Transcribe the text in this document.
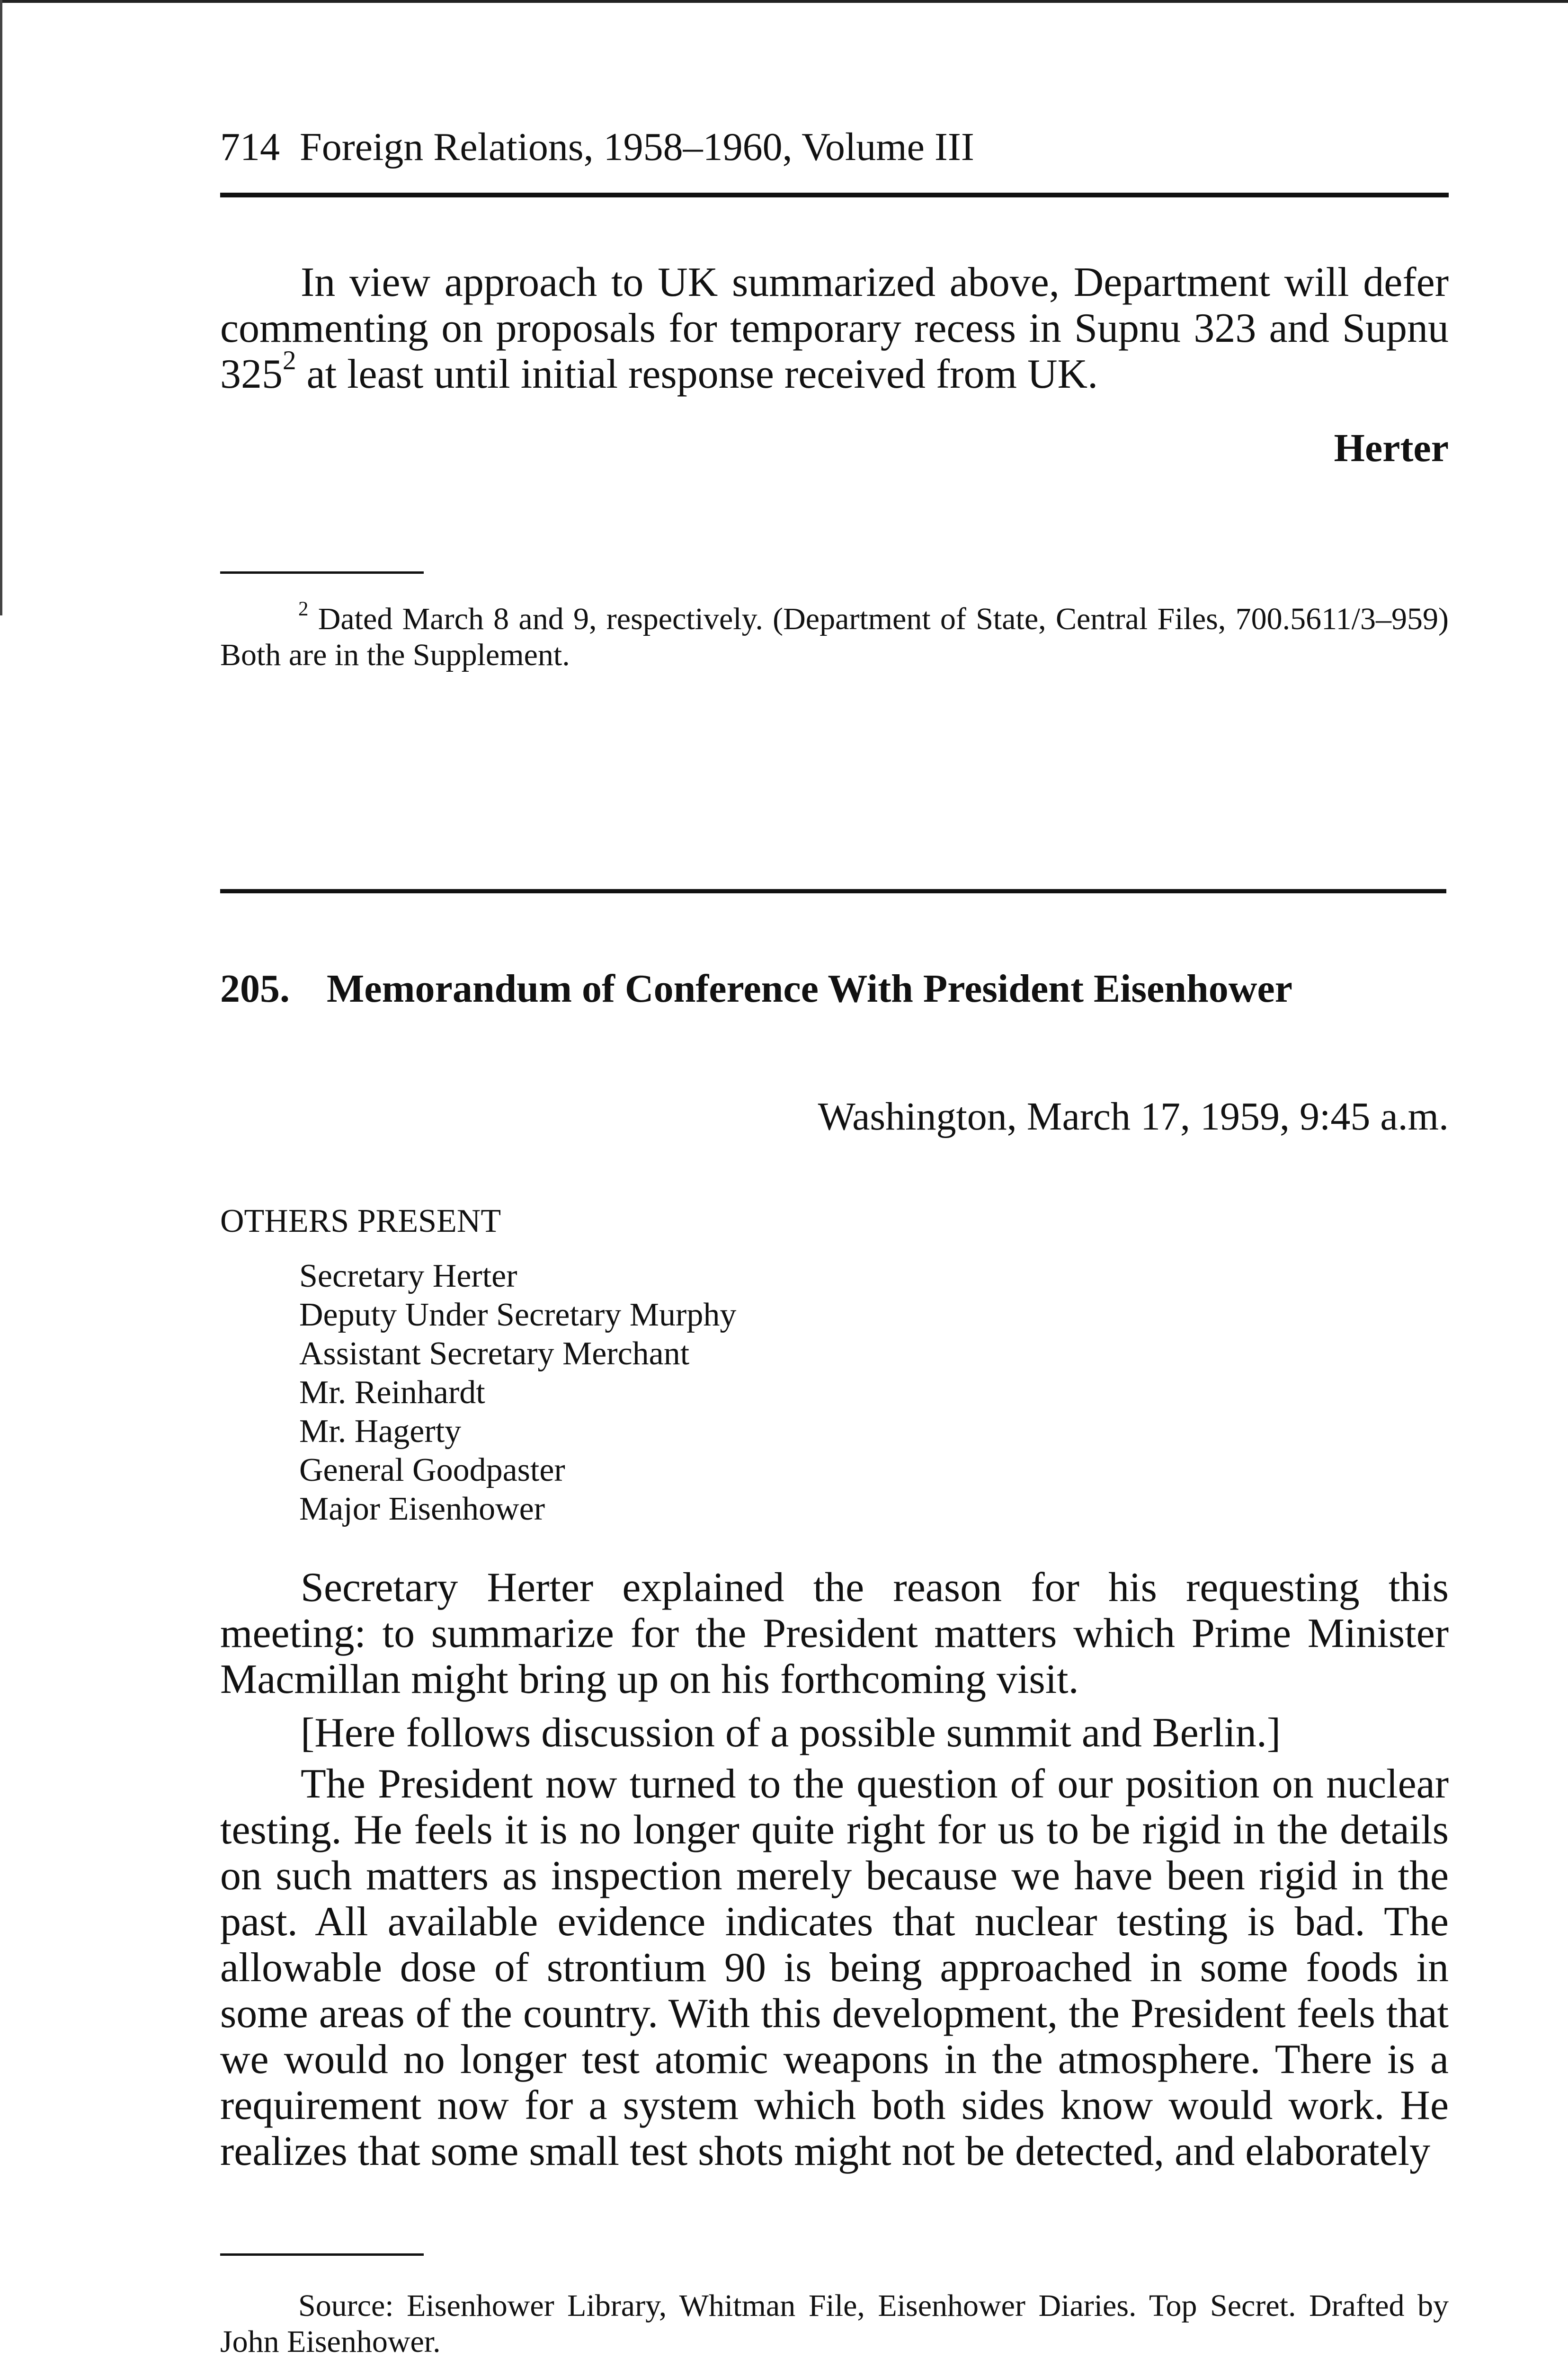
714 Foreign Relations, 1958–1960, Volume III

In view approach to UK summarized above, Department will defer commenting on proposals for temporary recess in Supnu 323 and Supnu $325^2$ at least until initial response received from UK.

Herter

$^2$ Dated March 8 and 9, respectively. (Department of State, Central Files, 700.5611/3–959) Both are in the Supplement.

205. Memorandum of Conference With President Eisenhower
Washington, March 17, 1959, 9:45 a.m.
OTHERS PRESENT
Secretary Herter
Deputy Under Secretary Murphy
Assistant Secretary Merchant
Mr. Reinhardt
Mr. Hagerty
General Goodpaster
Major Eisenhower

Secretary Herter explained the reason for his requesting this meeting: to summarize for the President matters which Prime Minister Macmillan might bring up on his forthcoming visit.

[Here follows discussion of a possible summit and Berlin.]

The President now turned to the question of our position on nuclear testing. He feels it is no longer quite right for us to be rigid in the details on such matters as inspection merely because we have been rigid in the past. All available evidence indicates that nuclear testing is bad. The allowable dose of strontium 90 is being approached in some foods in some areas of the country. With this development, the President feels that we would no longer test atomic weapons in the atmosphere. There is a requirement now for a system which both sides know would work. He realizes that some small test shots might not be detected, and elaborately

Source: Eisenhower Library, Whitman File, Eisenhower Diaries. Top Secret. Drafted by John Eisenhower.
